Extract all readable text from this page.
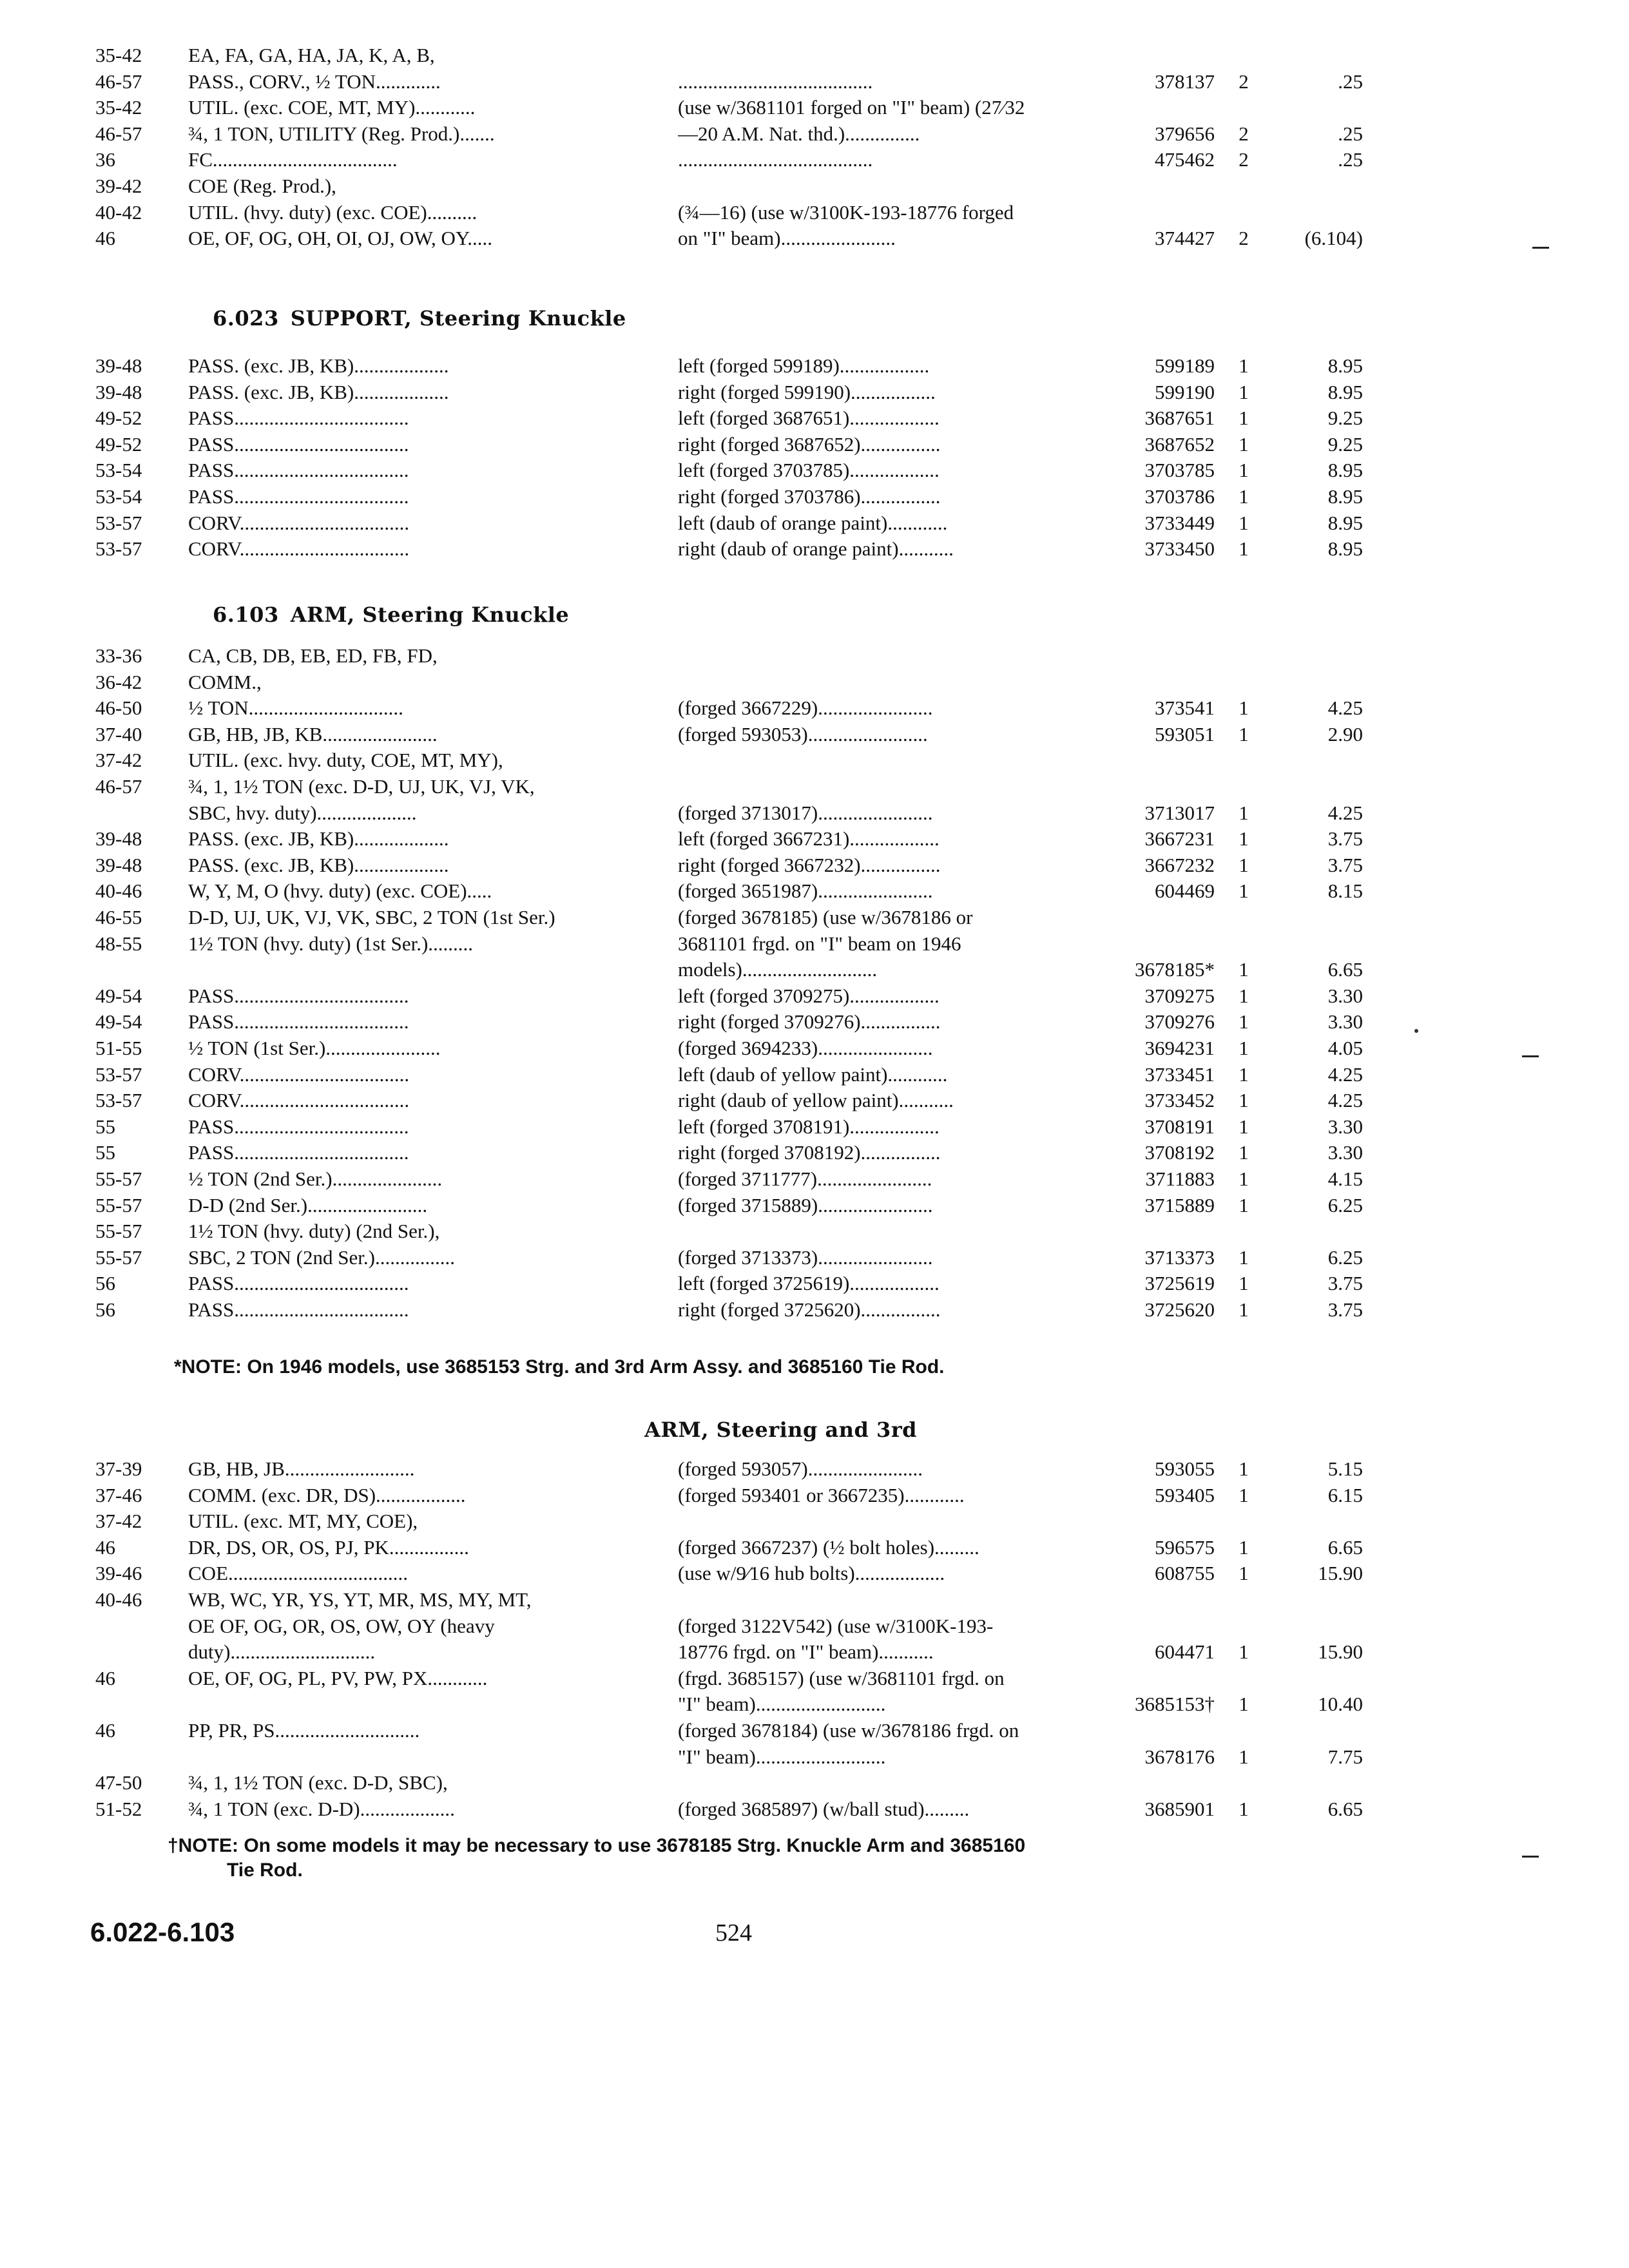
35-42	EA, FA, GA, HA, JA, K, A, B,
46-57	PASS., CORV., ½ TON.............	.......................................	378137	2	.25
35-42	UTIL. (exc. COE, MT, MY)............	(use w/3681101 forged on "I" beam) (27⁄32
46-57	¾, 1 TON, UTILITY (Reg. Prod.).......	—20 A.M. Nat. thd.)...............	379656	2	.25
36	FC.....................................	.......................................	475462	2	.25
39-42	COE (Reg. Prod.),
40-42	UTIL. (hvy. duty) (exc. COE)..........	(¾—16) (use w/3100K-193-18776 forged
46	OE, OF, OG, OH, OI, OJ, OW, OY.....	on "I" beam).......................	374427	2	(6.104)
6.023 SUPPORT, Steering Knuckle
39-48	PASS. (exc. JB, KB)...................	left (forged 599189)..................	599189	1	8.95
39-48	PASS. (exc. JB, KB)...................	right (forged 599190).................	599190	1	8.95
49-52	PASS...................................	left (forged 3687651)..................	3687651	1	9.25
49-52	PASS...................................	right (forged 3687652)................	3687652	1	9.25
53-54	PASS...................................	left (forged 3703785)..................	3703785	1	8.95
53-54	PASS...................................	right (forged 3703786)................	3703786	1	8.95
53-57	CORV..................................	left (daub of orange paint)............	3733449	1	8.95
53-57	CORV..................................	right (daub of orange paint)...........	3733450	1	8.95
6.103 ARM, Steering Knuckle
33-36	CA, CB, DB, EB, ED, FB, FD,
36-42	COMM.,
46-50	½ TON...............................	(forged 3667229).......................	373541	1	4.25
37-40	GB, HB, JB, KB.......................	(forged 593053)........................	593051	1	2.90
37-42	UTIL. (exc. hvy. duty, COE, MT, MY),
46-57	¾, 1, 1½ TON (exc. D-D, UJ, UK, VJ, VK,
SBC, hvy. duty)....................	(forged 3713017).......................	3713017	1	4.25
39-48	PASS. (exc. JB, KB)...................	left (forged 3667231)..................	3667231	1	3.75
39-48	PASS. (exc. JB, KB)...................	right (forged 3667232)................	3667232	1	3.75
40-46	W, Y, M, O (hvy. duty) (exc. COE).....	(forged 3651987).......................	604469	1	8.15
46-55	D-D, UJ, UK, VJ, VK, SBC, 2 TON (1st Ser.)	(forged 3678185) (use w/3678186 or
48-55	1½ TON (hvy. duty) (1st Ser.).........	3681101 frgd. on "I" beam on 1946
models)...........................	3678185*	1	6.65
49-54	PASS...................................	left (forged 3709275)..................	3709275	1	3.30
49-54	PASS...................................	right (forged 3709276)................	3709276	1	3.30
51-55	½ TON (1st Ser.).......................	(forged 3694233).......................	3694231	1	4.05
53-57	CORV..................................	left (daub of yellow paint)............	3733451	1	4.25
53-57	CORV..................................	right (daub of yellow paint)...........	3733452	1	4.25
55	PASS...................................	left (forged 3708191)..................	3708191	1	3.30
55	PASS...................................	right (forged 3708192)................	3708192	1	3.30
55-57	½ TON (2nd Ser.)......................	(forged 3711777).......................	3711883	1	4.15
55-57	D-D (2nd Ser.)........................	(forged 3715889).......................	3715889	1	6.25
55-57	1½ TON (hvy. duty) (2nd Ser.),
55-57	SBC, 2 TON (2nd Ser.)................	(forged 3713373).......................	3713373	1	6.25
56	PASS...................................	left (forged 3725619)..................	3725619	1	3.75
56	PASS...................................	right (forged 3725620)................	3725620	1	3.75
*NOTE: On 1946 models, use 3685153 Strg. and 3rd Arm Assy. and 3685160 Tie Rod.
ARM, Steering and 3rd
37-39	GB, HB, JB..........................	(forged 593057).......................	593055	1	5.15
37-46	COMM. (exc. DR, DS)..................	(forged 593401 or 3667235)............	593405	1	6.15
37-42	UTIL. (exc. MT, MY, COE),
46	DR, DS, OR, OS, PJ, PK................	(forged 3667237) (½ bolt holes).........	596575	1	6.65
39-46	COE....................................	(use w/9⁄16 hub bolts)..................	608755	1	15.90
40-46	WB, WC, YR, YS, YT, MR, MS, MY, MT,
OE OF, OG, OR, OS, OW, OY (heavy	(forged 3122V542) (use w/3100K-193-
duty).............................	18776 frgd. on "I" beam)...........	604471	1	15.90
46	OE, OF, OG, PL, PV, PW, PX............	(frgd. 3685157) (use w/3681101 frgd. on
"I" beam)..........................	3685153†	1	10.40
46	PP, PR, PS.............................	(forged 3678184) (use w/3678186 frgd. on
"I" beam)..........................	3678176	1	7.75
47-50	¾, 1, 1½ TON (exc. D-D, SBC),
51-52	¾, 1 TON (exc. D-D)...................	(forged 3685897) (w/ball stud).........	3685901	1	6.65
†NOTE: On some models it may be necessary to use 3678185 Strg. Knuckle Arm and 3685160
Tie Rod.
6.022-6.103	524
